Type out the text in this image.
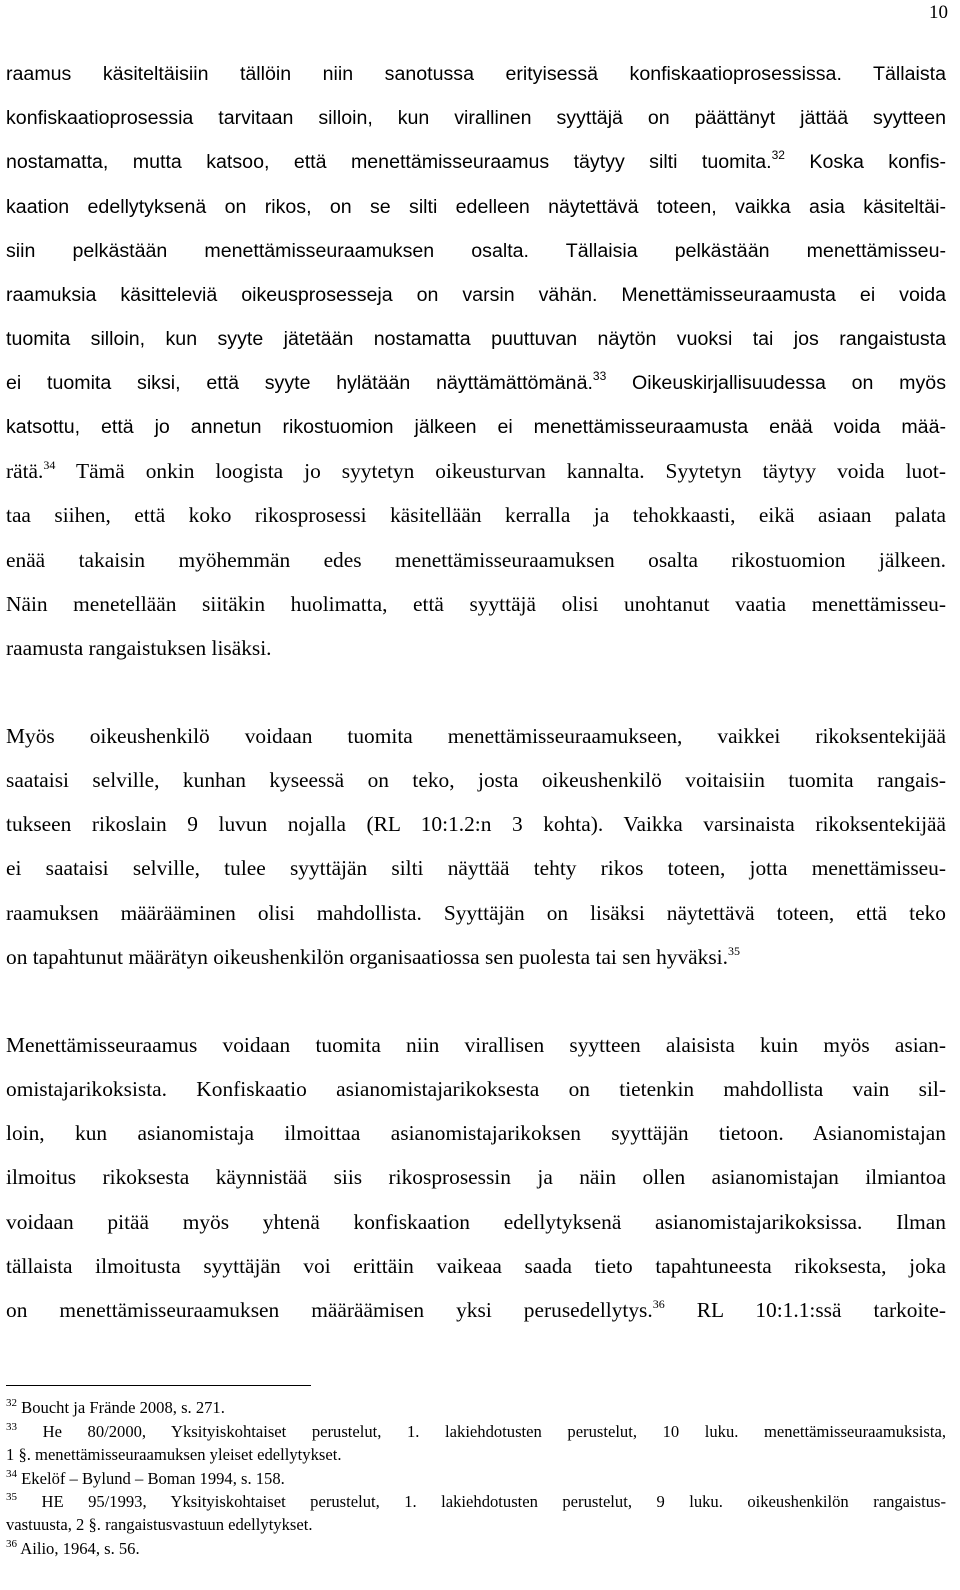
10
raamus käsiteltäisiin tällöin niin sanotussa erityisessä konfiskaatioprosessissa. Tällaista
konfiskaatioprosessia tarvitaan silloin, kun virallinen syyttäjä on päättänyt jättää syytteen
nostamatta, mutta katsoo, että menettämisseuraamus täytyy silti tuomita.$^{32}$ Koska konfis-
kaation edellytyksenä on rikos, on se silti edelleen näytettävä toteen, vaikka asia käsiteltäi-
siin pelkästään menettämisseuraamuksen osalta. Tällaisia pelkästään menettämisseu-
raamuksia käsitteleviä oikeusprosesseja on varsin vähän. Menettämisseuraamusta ei voida
tuomita silloin, kun syyte jätetään nostamatta puuttuvan näytön vuoksi tai jos rangaistusta
ei tuomita siksi, että syyte hylätään näyttämättömänä.$^{33}$ Oikeuskirjallisuudessa on myös
katsottu, että jo annetun rikostuomion jälkeen ei menettämisseuraamusta enää voida mää-
rätä.$^{34}$ Tämä onkin loogista jo syytetyn oikeusturvan kannalta. Syytetyn täytyy voida luot-
taa siihen, että koko rikosprosessi käsitellään kerralla ja tehokkaasti, eikä asiaan palata
enää takaisin myöhemmän edes menettämisseuraamuksen osalta rikostuomion jälkeen.
Näin menetellään siitäkin huolimatta, että syyttäjä olisi unohtanut vaatia menettämisseu-
raamusta rangaistuksen lisäksi.
Myös oikeushenkilö voidaan tuomita menettämisseuraamukseen, vaikkei rikoksentekijää
saataisi selville, kunhan kyseessä on teko, josta oikeushenkilö voitaisiin tuomita rangais-
tukseen rikoslain 9 luvun nojalla (RL 10:1.2:n 3 kohta). Vaikka varsinaista rikoksentekijää
ei saataisi selville, tulee syyttäjän silti näyttää tehty rikos toteen, jotta menettämisseu-
raamuksen määrääminen olisi mahdollista. Syyttäjän on lisäksi näytettävä toteen, että teko
on tapahtunut määrätyn oikeushenkilön organisaatiossa sen puolesta tai sen hyväksi.$^{35}$
Menettämisseuraamus voidaan tuomita niin virallisen syytteen alaisista kuin myös asian-
omistajarikoksista. Konfiskaatio asianomistajarikoksesta on tietenkin mahdollista vain sil-
loin, kun asianomistaja ilmoittaa asianomistajarikoksen syyttäjän tietoon. Asianomistajan
ilmoitus rikoksesta käynnistää siis rikosprosessin ja näin ollen asianomistajan ilmiantoa
voidaan pitää myös yhtenä konfiskaation edellytyksenä asianomistajarikoksissa. Ilman
tällaista ilmoitusta syyttäjän voi erittäin vaikeaa saada tieto tapahtuneesta rikoksesta, joka
on menettämisseuraamuksen määräämisen yksi perusedellytys.$^{36}$ RL 10:1.1:ssä tarkoite-
$^{32}$ Boucht ja Frände 2008, s. 271.
$^{33}$ He 80/2000, Yksityiskohtaiset perustelut, 1. lakiehdotusten perustelut, 10 luku. menettämisseuraamuksista,
1 §. menettämisseuraamuksen yleiset edellytykset.
$^{34}$ Ekelöf – Bylund – Boman 1994, s. 158.
$^{35}$ HE 95/1993, Yksityiskohtaiset perustelut, 1. lakiehdotusten perustelut, 9 luku. oikeushenkilön rangaistus-
vastuusta, 2 §. rangaistusvastuun edellytykset.
$^{36}$ Ailio, 1964, s. 56.
